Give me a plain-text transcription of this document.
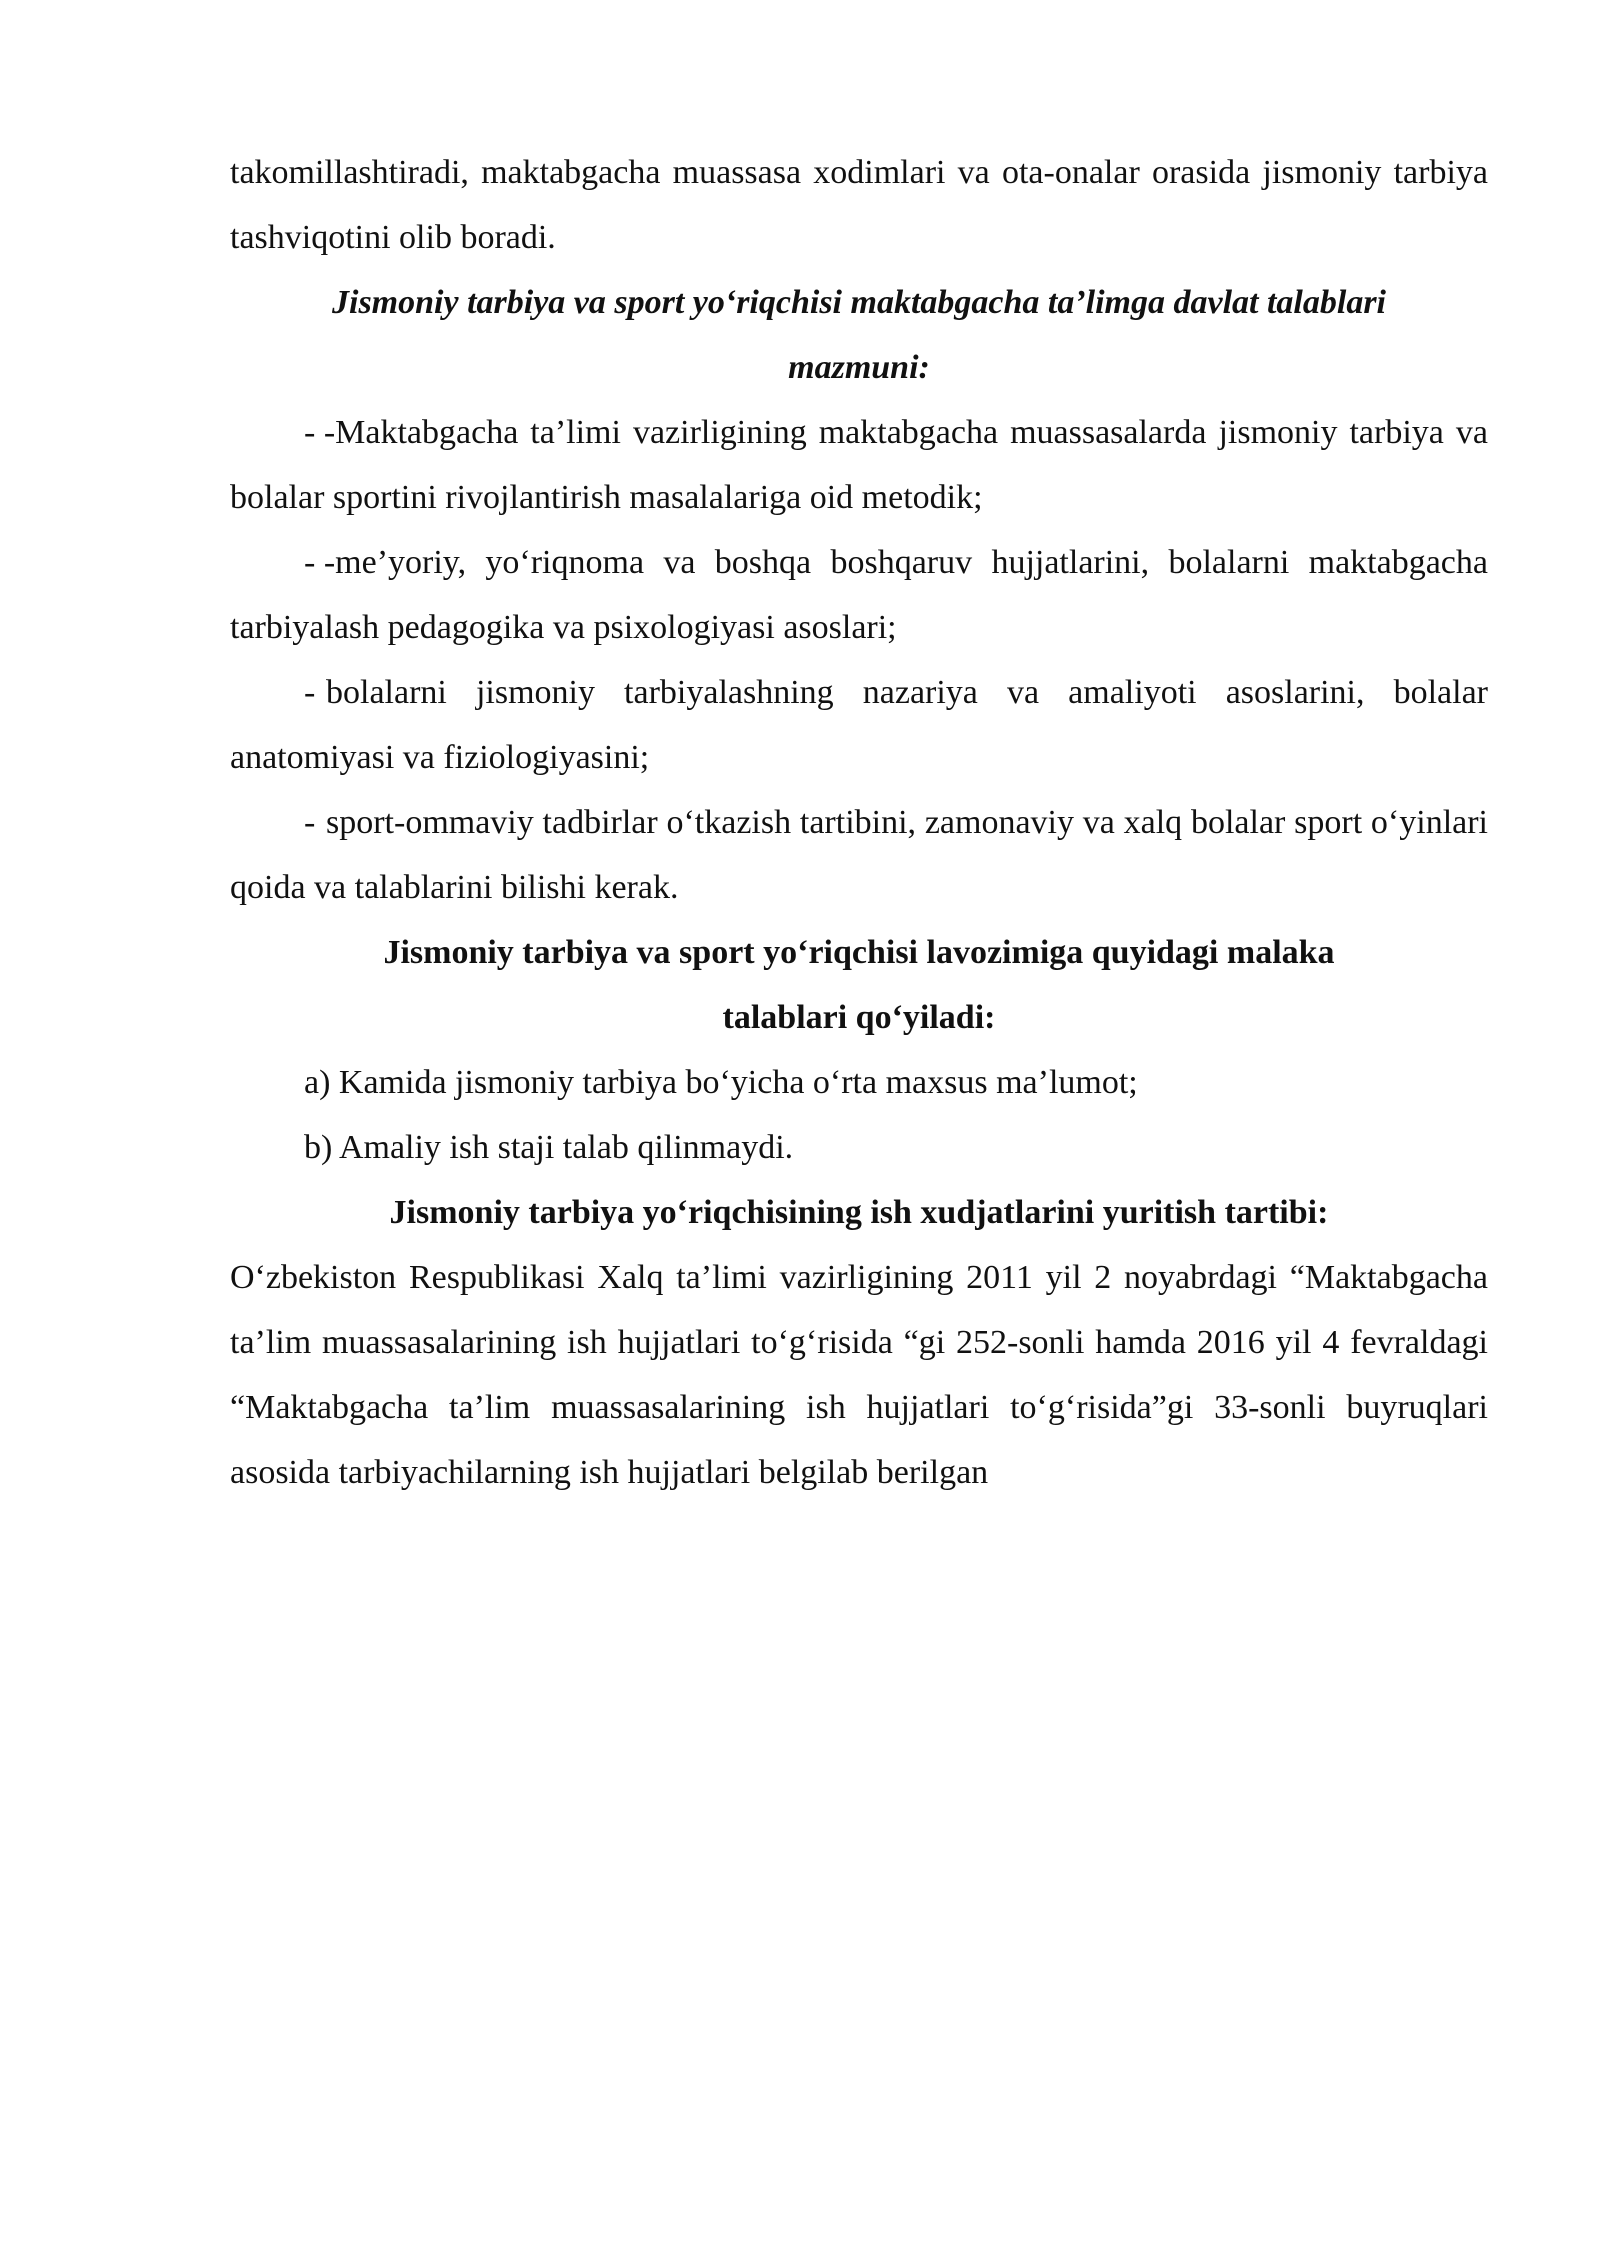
takomillashtiradi, maktabgacha muassasa xodimlari va ota-onalar orasida jismoniy tarbiya tashviqotini olib boradi.

Jismoniy tarbiya va sport yo‘riqchisi maktabgacha ta’limga davlat talablari mazmuni:

- -Maktabgacha ta’limi vazirligining maktabgacha muassasalarda jismoniy tarbiya va bolalar sportini rivojlantirish masalalariga oid metodik;

- -me’yoriy, yo‘riqnoma va boshqa boshqaruv hujjatlarini, bolalarni maktabgacha tarbiyalash pedagogika va psixologiyasi asoslari;

- bolalarni jismoniy tarbiyalashning nazariya va amaliyoti asoslarini, bolalar anatomiyasi va fiziologiyasini;

- sport-ommaviy tadbirlar o‘tkazish tartibini, zamonaviy va xalq bolalar sport o‘yinlari qoida va talablarini bilishi kerak.

Jismoniy tarbiya va sport yo‘riqchisi lavozimiga quyidagi malaka talablari qo‘yiladi:

a) Kamida jismoniy tarbiya bo‘yicha o‘rta maxsus ma’lumot;

b) Amaliy ish staji talab qilinmaydi.

Jismoniy tarbiya yo‘riqchisining ish xudjatlarini yuritish tartibi:

O‘zbekiston Respublikasi Xalq ta’limi vazirligining 2011 yil 2 noyabrdagi “Maktabgacha ta’lim muassasalarining ish hujjatlari to‘g‘risida “gi 252-sonli hamda 2016 yil 4 fevraldagi “Maktabgacha ta’lim muassasalarining ish hujjatlari to‘g‘risida”gi 33-sonli buyruqlari asosida tarbiyachilarning ish hujjatlari belgilab berilgan
